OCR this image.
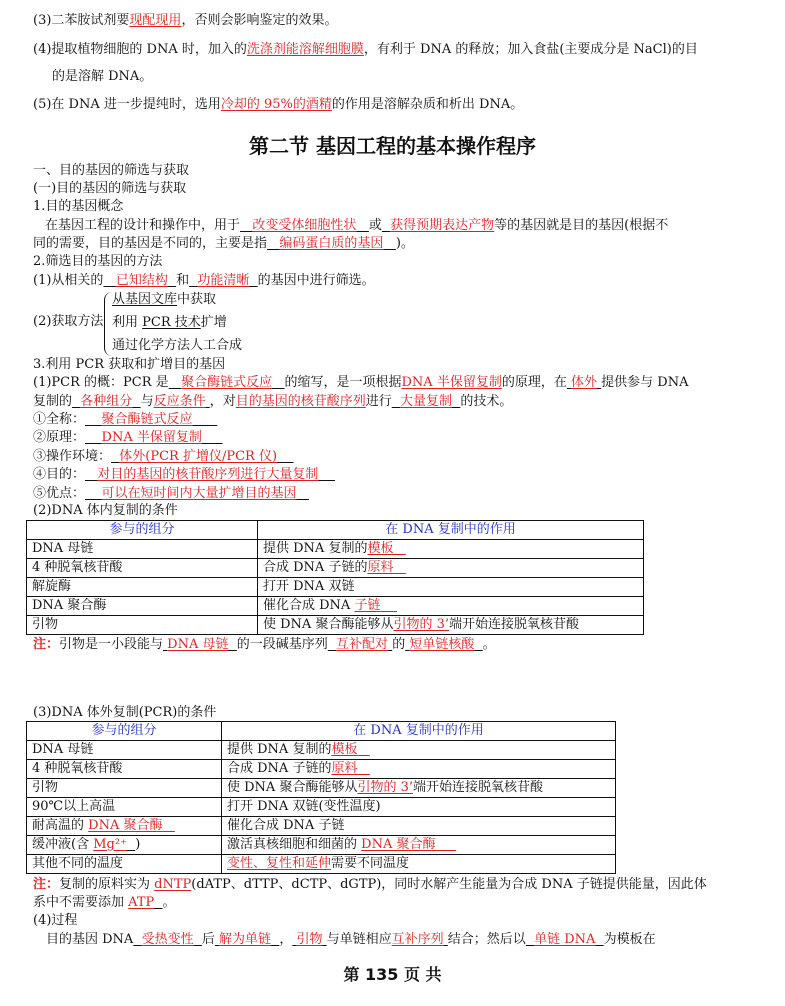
(3)二苯胺试剂要现配现用，否则会影响鉴定的效果。
(4)提取植物细胞的 DNA 时，加入的洗涤剂能溶解细胞膜，有利于 DNA 的释放；加入食盐(主要成分是 NaCl)的目
的是溶解 DNA。
(5)在 DNA 进一步提纯时，选用冷却的 95%的酒精的作用是溶解杂质和析出 DNA。
第二节 基因工程的基本操作程序
一、目的基因的筛选与获取
(一)目的基因的筛选与获取
1.目的基因概念
在基因工程的设计和操作中，用于 改变受体细胞性状 或 获得预期表达产物等的基因就是目的基因(根据不
同的需要，目的基因是不同的，主要是指 编码蛋白质的基因 )。
2.筛选目的基因的方法
(1)从相关的 已知结构 和 功能清晰 的基因中进行筛选。
(2)获取方法
从基因文库中获取
利用 PCR 技术扩增
通过化学方法人工合成
3.利用 PCR 获取和扩增目的基因
(1)PCR 的概：PCR 是 聚合酶链式反应 的缩写，是一项根据DNA 半保留复制的原理，在 体外 提供参与 DNA
复制的 各种组分 与反应条件 ，对目的基因的核苷酸序列进行 大量复制 的技术。
①全称： 聚合酶链式反应
②原理： DNA 半保留复制
③操作环境： 体外(PCR 扩增仪/PCR 仪)
④目的： 对目的基因的核苷酸序列进行大量复制
⑤优点： 可以在短时间内大量扩增目的基因
(2)DNA 体内复制的条件
参与的组分	在 DNA 复制中的作用
DNA 母链	提供 DNA 复制的模板
4 种脱氧核苷酸	合成 DNA 子链的原料
解旋酶	打开 DNA 双链
DNA 聚合酶	催化合成 DNA 子链
引物	使 DNA 聚合酶能够从引物的 3’端开始连接脱氧核苷酸
注：引物是一小段能与 DNA 母链 的一段碱基序列 互补配对 的 短单链核酸 。
(3)DNA 体外复制(PCR)的条件
参与的组分	在 DNA 复制中的作用
DNA 母链	提供 DNA 复制的模板
4 种脱氧核苷酸	合成 DNA 子链的原料
引物	使 DNA 聚合酶能够从引物的 3’端开始连接脱氧核苷酸
90℃以上高温	打开 DNA 双链(变性温度)
耐高温的 DNA 聚合酶	催化合成 DNA 子链
缓冲液(含 Mg²⁺ )	激活真核细胞和细菌的 DNA 聚合酶
其他不同的温度	变性、复性和延伸需要不同温度
注：复制的原料实为 dNTP(dATP、dTTP、dCTP、dGTP)，同时水解产生能量为合成 DNA 子链提供能量，因此体
系中不需要添加 ATP 。
(4)过程
目的基因 DNA 受热变性 后 解为单链 ， 引物 与单链相应互补序列 结合；然后以 单链 DNA 为模板在
第 135 页 共
